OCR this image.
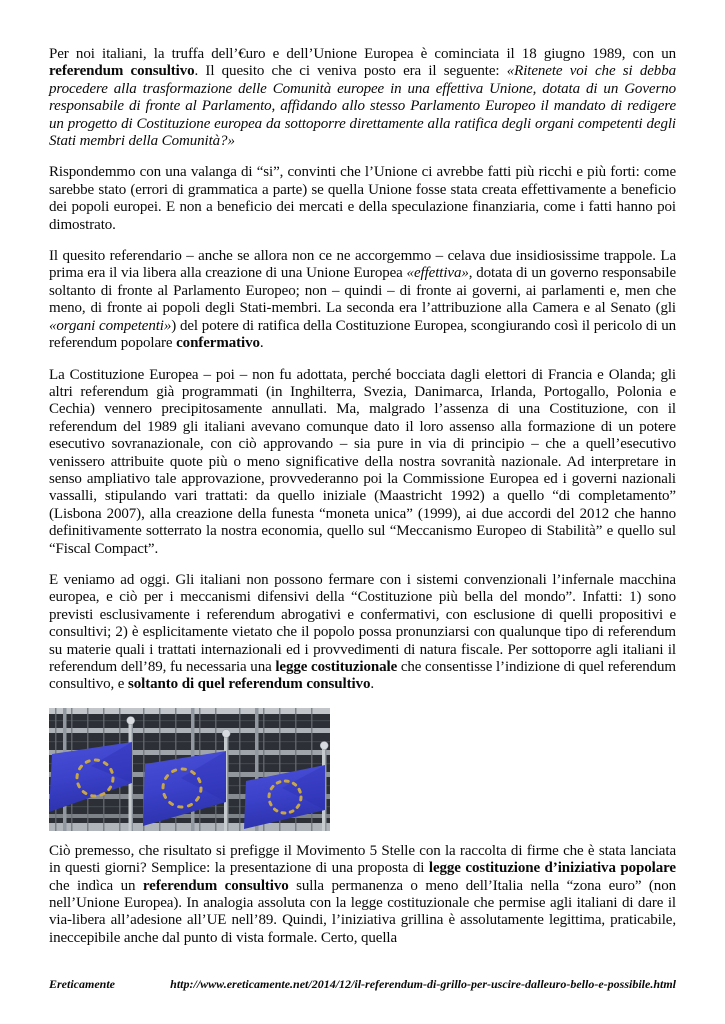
Per noi italiani, la truffa dell’€uro e dell’Unione Europea è cominciata il 18 giugno 1989, con un referendum consultivo. Il quesito che ci veniva posto era il seguente: «Ritenete voi che si debba procedere alla trasformazione delle Comunità europee in una effettiva Unione, dotata di un Governo responsabile di fronte al Parlamento, affidando allo stesso Parlamento Europeo il mandato di redigere un progetto di Costituzione europea da sottoporre direttamente alla ratifica degli organi competenti degli Stati membri della Comunità?»

Rispondemmo con una valanga di “si”, convinti che l’Unione ci avrebbe fatti più ricchi e più forti: come sarebbe stato (errori di grammatica a parte) se quella Unione fosse stata creata effettivamente a beneficio dei popoli europei. E non a beneficio dei mercati e della speculazione finanziaria, come i fatti hanno poi dimostrato.

Il quesito referendario – anche se allora non ce ne accorgemmo – celava due insidiosissime trappole. La prima era il via libera alla creazione di una Unione Europea «effettiva», dotata di un governo responsabile soltanto di fronte al Parlamento Europeo; non – quindi – di fronte ai governi, ai parlamenti e, men che meno, di fronte ai popoli degli Stati-membri. La seconda era l’attribuzione alla Camera e al Senato (gli «organi competenti») del potere di ratifica della Costituzione Europea, scongiurando così il pericolo di un referendum popolare confermativo.

La Costituzione Europea – poi – non fu adottata, perché bocciata dagli elettori di Francia e Olanda; gli altri referendum già programmati (in Inghilterra, Svezia, Danimarca, Irlanda, Portogallo, Polonia e Cechia) vennero precipitosamente annullati. Ma, malgrado l’assenza di una Costituzione, con il referendum del 1989 gli italiani avevano comunque dato il loro assenso alla formazione di un potere esecutivo sovranazionale, con ciò approvando – sia pure in via di principio – che a quell’esecutivo venissero attribuite quote più o meno significative della nostra sovranità nazionale. Ad interpretare in senso ampliativo tale approvazione, provvederanno poi la Commissione Europea ed i governi nazionali vassalli, stipulando vari trattati: da quello iniziale (Maastricht 1992) a quello “di completamento” (Lisbona 2007), alla creazione della funesta “moneta unica” (1999), ai due accordi del 2012 che hanno definitivamente sotterrato la nostra economia, quello sul “Meccanismo Europeo di Stabilità” e quello sul “Fiscal Compact”.

E veniamo ad oggi. Gli italiani non possono fermare con i sistemi convenzionali l’infernale macchina europea, e ciò per i meccanismi difensivi della “Costituzione più bella del mondo”. Infatti: 1) sono previsti esclusivamente i referendum abrogativi e confermativi, con esclusione di quelli propositivi e consultivi; 2) è esplicitamente vietato che il popolo possa pronunziarsi con qualunque tipo di referendum su materie quali i trattati internazionali ed i provvedimenti di natura fiscale. Per sottoporre agli italiani il referendum dell’89, fu necessaria una legge costituzionale che consentisse l’indizione di quel referendum consultivo, e soltanto di quel referendum consultivo.

Ciò premesso, che risultato si prefigge il Movimento 5 Stelle con la raccolta di firme che è stata lanciata in questi giorni? Semplice: la presentazione di una proposta di legge costituzione d’iniziativa popolare che indìca un referendum consultivo sulla permanenza o meno dell’Italia nella “zona euro” (non nell’Unione Europea). In analogia assoluta con la legge costituzionale che permise agli italiani di dare il via-libera all’adesione all’UE nell’89. Quindi, l’iniziativa grillina è assolutamente legittima, praticabile, ineccepibile anche dal punto di vista formale. Certo, quella

Ereticamente	http://www.ereticamente.net/2014/12/il-referendum-di-grillo-per-uscire-dalleuro-bello-e-possibile.html
